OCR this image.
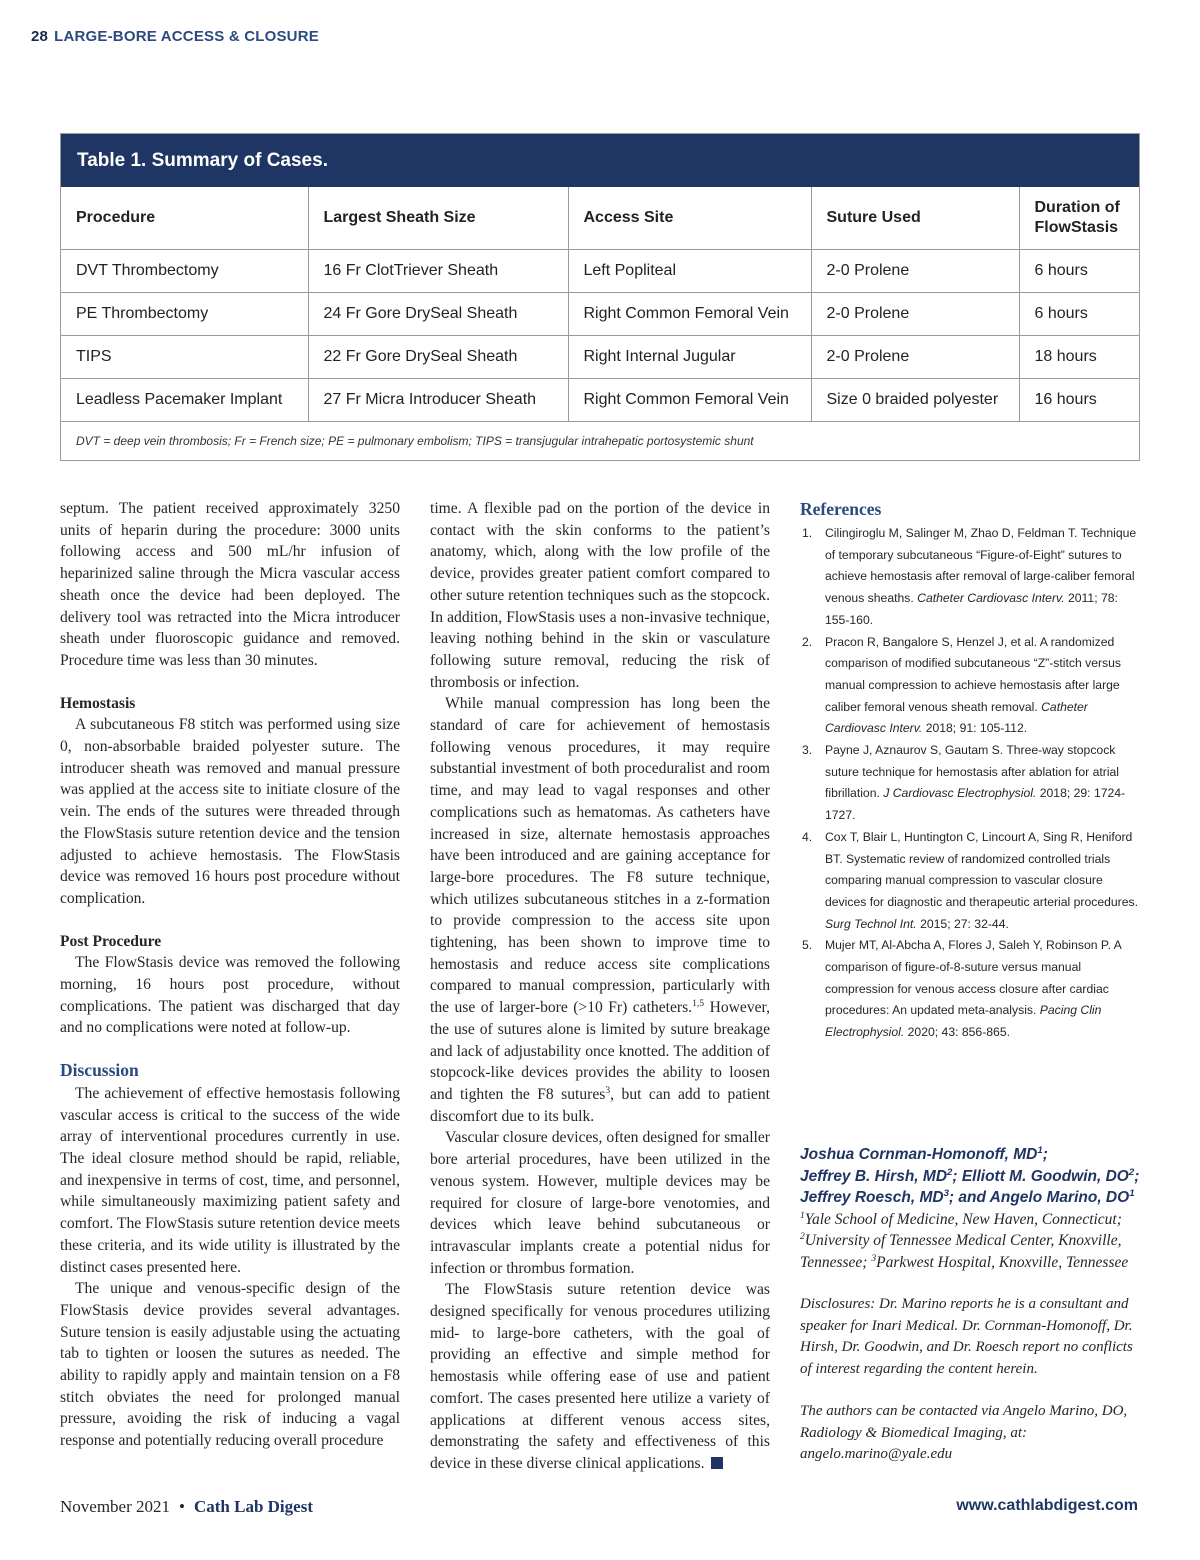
28 LARGE-BORE ACCESS & CLOSURE
Table 1. Summary of Cases.
Procedure	Largest Sheath Size	Access Site	Suture Used	Duration of FlowStasis
DVT Thrombectomy	16 Fr ClotTriever Sheath	Left Popliteal	2-0 Prolene	6 hours
PE Thrombectomy	24 Fr Gore DrySeal Sheath	Right Common Femoral Vein	2-0 Prolene	6 hours
TIPS	22 Fr Gore DrySeal Sheath	Right Internal Jugular	2-0 Prolene	18 hours
Leadless Pacemaker Implant	27 Fr Micra Introducer Sheath	Right Common Femoral Vein	Size 0 braided polyester	16 hours
DVT = deep vein thrombosis; Fr = French size; PE = pulmonary embolism; TIPS = transjugular intrahepatic portosystemic shunt

septum. The patient received approximately 3250 units of heparin during the procedure: 3000 units following access and 500 mL/hr infusion of heparinized saline through the Micra vascular access sheath once the device had been deployed. The delivery tool was retracted into the Micra introducer sheath under fluoroscopic guidance and removed. Procedure time was less than 30 minutes.

Hemostasis

A subcutaneous F8 stitch was performed using size 0, non-absorbable braided polyester suture. The introducer sheath was removed and manual pressure was applied at the access site to initiate closure of the vein. The ends of the sutures were threaded through the FlowStasis suture retention device and the tension adjusted to achieve hemostasis. The FlowStasis device was removed 16 hours post procedure without complication.

Post Procedure

The FlowStasis device was removed the following morning, 16 hours post procedure, without complications. The patient was discharged that day and no complications were noted at follow-up.

Discussion

The achievement of effective hemostasis following vascular access is critical to the success of the wide array of interventional procedures currently in use. The ideal closure method should be rapid, reliable, and inexpensive in terms of cost, time, and personnel, while simultaneously maximizing patient safety and comfort. The FlowStasis suture retention device meets these criteria, and its wide utility is illustrated by the distinct cases presented here.

The unique and venous-specific design of the FlowStasis device provides several advantages. Suture tension is easily adjustable using the actuating tab to tighten or loosen the sutures as needed. The ability to rapidly apply and maintain tension on a F8 stitch obviates the need for prolonged manual pressure, avoiding the risk of inducing a vagal response and potentially reducing overall procedure

time. A flexible pad on the portion of the device in contact with the skin conforms to the patient’s anatomy, which, along with the low profile of the device, provides greater patient comfort compared to other suture retention techniques such as the stopcock. In addition, FlowStasis uses a non-invasive technique, leaving nothing behind in the skin or vasculature following suture removal, reducing the risk of thrombosis or infection.

While manual compression has long been the standard of care for achievement of hemostasis following venous procedures, it may require substantial investment of both proceduralist and room time, and may lead to vagal responses and other complications such as hematomas. As catheters have increased in size, alternate hemostasis approaches have been introduced and are gaining acceptance for large-bore procedures. The F8 suture technique, which utilizes subcutaneous stitches in a z-formation to provide compression to the access site upon tightening, has been shown to improve time to hemostasis and reduce access site complications compared to manual compression, particularly with the use of larger-bore (>10 Fr) catheters.$^{1,5}$ However, the use of sutures alone is limited by suture breakage and lack of adjustability once knotted. The addition of stopcock-like devices provides the ability to loosen and tighten the F8 sutures$^3$, but can add to patient discomfort due to its bulk.

Vascular closure devices, often designed for smaller bore arterial procedures, have been utilized in the venous system. However, multiple devices may be required for closure of large-bore venotomies, and devices which leave behind subcutaneous or intravascular implants create a potential nidus for infection or thrombus formation.

The FlowStasis suture retention device was designed specifically for venous procedures utilizing mid- to large-bore catheters, with the goal of providing an effective and simple method for hemostasis while offering ease of use and patient comfort. The cases presented here utilize a variety of applications at different venous access sites, demonstrating the safety and effectiveness of this device in these diverse clinical applications.

References

1. Cilingiroglu M, Salinger M, Zhao D, Feldman T. Technique of temporary subcutaneous “Figure-of-Eight” sutures to achieve hemostasis after removal of large-caliber femoral venous sheaths. Catheter Cardiovasc Interv. 2011; 78: 155-160.
2. Pracon R, Bangalore S, Henzel J, et al. A randomized comparison of modified subcutaneous “Z”-stitch versus manual compression to achieve hemostasis after large caliber femoral venous sheath removal. Catheter Cardiovasc Interv. 2018; 91: 105-112.
3. Payne J, Aznaurov S, Gautam S. Three-way stopcock suture technique for hemostasis after ablation for atrial fibrillation. J Cardiovasc Electrophysiol. 2018; 29: 1724-1727.
4. Cox T, Blair L, Huntington C, Lincourt A, Sing R, Heniford BT. Systematic review of randomized controlled trials comparing manual compression to vascular closure devices for diagnostic and therapeutic arterial procedures. Surg Technol Int. 2015; 27: 32-44.
5. Mujer MT, Al-Abcha A, Flores J, Saleh Y, Robinson P. A comparison of figure-of-8-suture versus manual compression for venous access closure after cardiac procedures: An updated meta-analysis. Pacing Clin Electrophysiol. 2020; 43: 856-865.

Joshua Cornman-Homonoff, $MD^1$;
Jeffrey B. Hirsh, $MD^2$; Elliott M. Goodwin, $DO^2$;
Jeffrey Roesch, $MD^3$; and Angelo Marino, $DO^1$

$^1$Yale School of Medicine, New Haven, Connecticut;
$^2$University of Tennessee Medical Center, Knoxville, Tennessee; $^3$Parkwest Hospital, Knoxville, Tennessee

Disclosures: Dr. Marino reports he is a consultant and speaker for Inari Medical. Dr. Cornman-Homonoff, Dr. Hirsh, Dr. Goodwin, and Dr. Roesch report no conflicts of interest regarding the content herein.

The authors can be contacted via Angelo Marino, DO, Radiology & Biomedical Imaging, at:
angelo.marino@yale.edu

November 2021 • Cath Lab Digest	www.cathlabdigest.com
